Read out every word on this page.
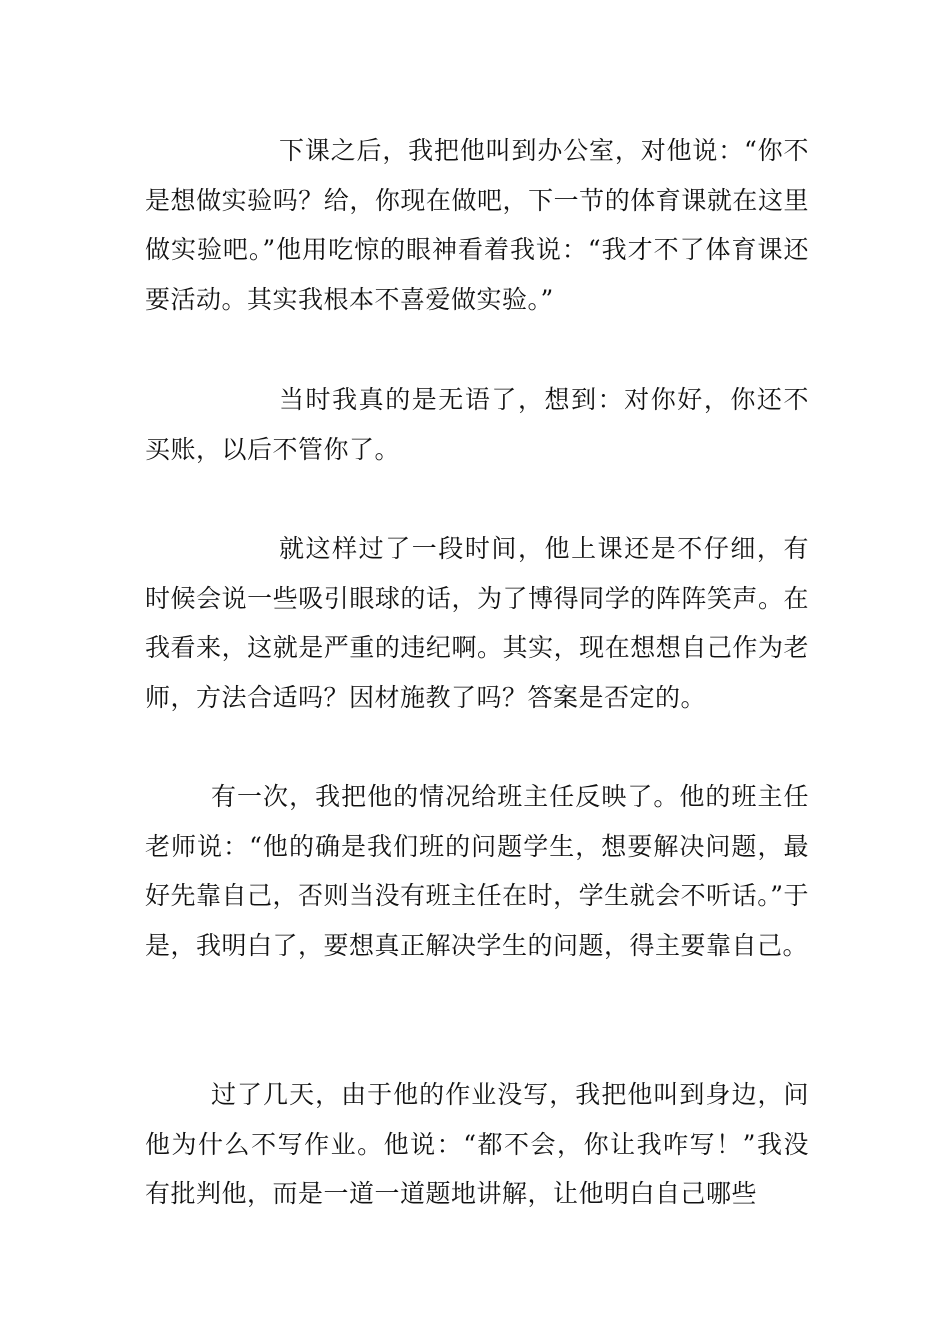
下课之后，我把他叫到办公室，对他说：“你不是想做实验吗？给，你现在做吧，下一节的体育课就在这里做实验吧。”他用吃惊的眼神看着我说：“我才不了体育课还要活动。其实我根本不喜爱做实验。”

当时我真的是无语了，想到：对你好，你还不买账，以后不管你了。

就这样过了一段时间，他上课还是不仔细，有时候会说一些吸引眼球的话，为了博得同学的阵阵笑声。在我看来，这就是严重的违纪啊。其实，现在想想自己作为老师，方法合适吗？因材施教了吗？答案是否定的。

有一次，我把他的情况给班主任反映了。他的班主任老师说：“他的确是我们班的问题学生，想要解决问题，最好先靠自己，否则当没有班主任在时，学生就会不听话。”于是，我明白了，要想真正解决学生的问题，得主要靠自己。

过了几天，由于他的作业没写，我把他叫到身边，问他为什么不写作业。他说：“都不会，你让我咋写！”我没有批判他，而是一道一道题地讲解，让他明白自己哪些
